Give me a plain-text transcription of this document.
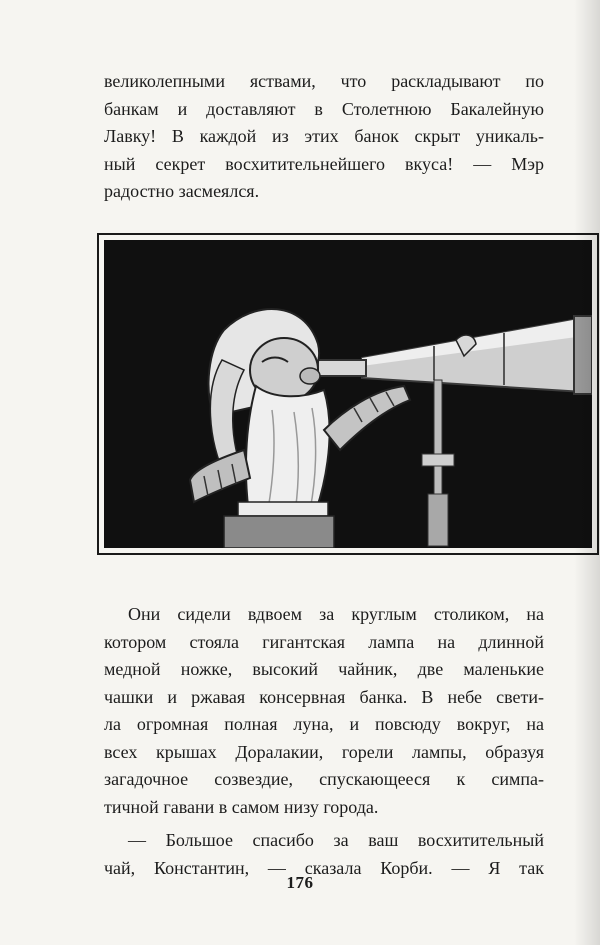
великолепными яствами, что раскладывают по
банкам и доставляют в Столетнюю Бакалейную
Лавку! В каждой из этих банок скрыт уникаль-
ный секрет восхитительнейшего вкуса! — Мэр
радостно засмеялся.
Они сидели вдвоем за круглым столиком, на
котором стояла гигантская лампа на длинной
медной ножке, высокий чайник, две маленькие
чашки и ржавая консервная банка. В небе свети-
ла огромная полная луна, и повсюду вокруг, на
всех крышах Доралакии, горели лампы, образуя
загадочное созвездие, спускающееся к симпа-
тичной гавани в самом низу города.
— Большое спасибо за ваш восхитительный
чай, Константин, — сказала Корби. — Я так
176
